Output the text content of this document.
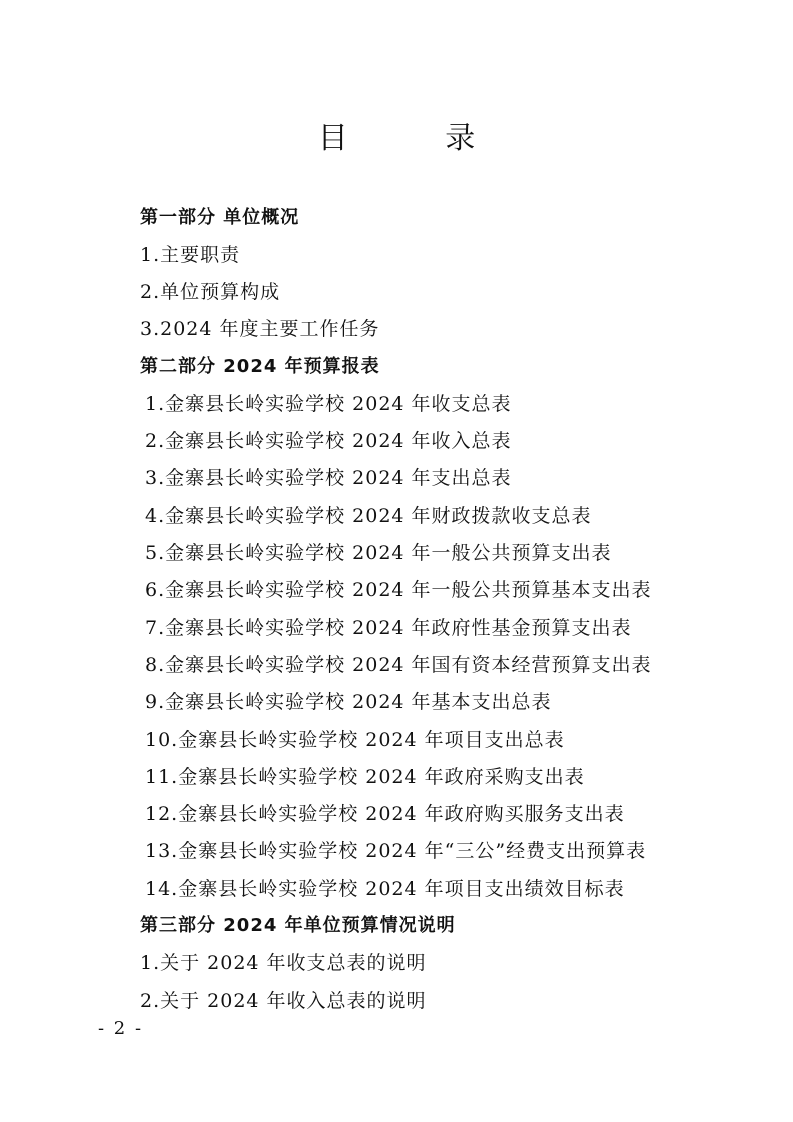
目 录
第一部分 单位概况
1.主要职责
2.单位预算构成
3.2024 年度主要工作任务
第二部分 2024 年预算报表
1.金寨县长岭实验学校 2024 年收支总表
2.金寨县长岭实验学校 2024 年收入总表
3.金寨县长岭实验学校 2024 年支出总表
4.金寨县长岭实验学校 2024 年财政拨款收支总表
5.金寨县长岭实验学校 2024 年一般公共预算支出表
6.金寨县长岭实验学校 2024 年一般公共预算基本支出表
7.金寨县长岭实验学校 2024 年政府性基金预算支出表
8.金寨县长岭实验学校 2024 年国有资本经营预算支出表
9.金寨县长岭实验学校 2024 年基本支出总表
10.金寨县长岭实验学校 2024 年项目支出总表
11.金寨县长岭实验学校 2024 年政府采购支出表
12.金寨县长岭实验学校 2024 年政府购买服务支出表
13.金寨县长岭实验学校 2024 年“三公”经费支出预算表
14.金寨县长岭实验学校 2024 年项目支出绩效目标表
第三部分 2024 年单位预算情况说明
1.关于 2024 年收支总表的说明
2.关于 2024 年收入总表的说明
- 2 -
